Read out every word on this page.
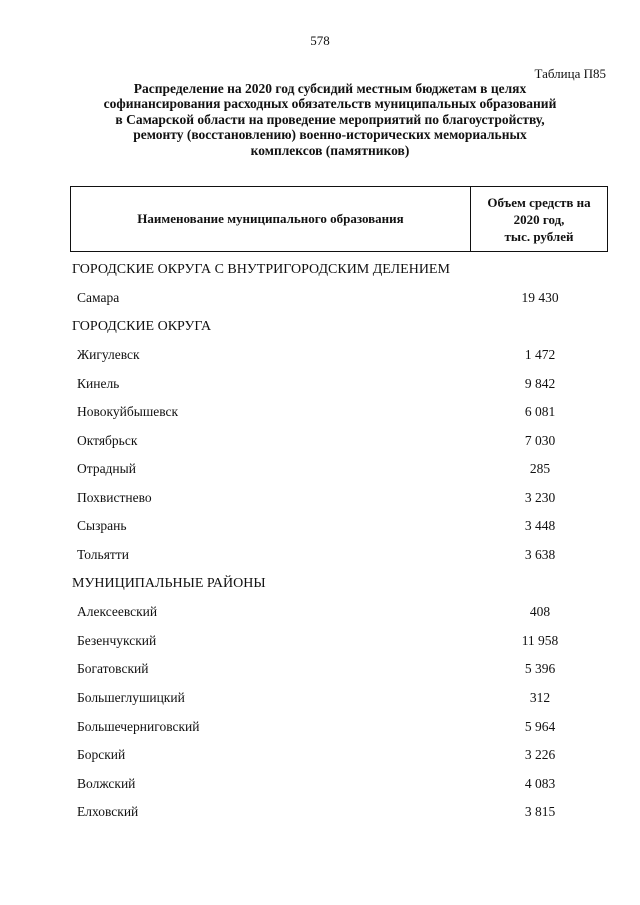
578
Таблица П85
Распределение на 2020 год субсидий местным бюджетам в целях
софинансирования расходных обязательств муниципальных образований
в Самарской области на проведение мероприятий по благоустройству,
ремонту (восстановлению) военно-исторических мемориальных
комплексов (памятников)
Наименование муниципального образования
Объем средств на
2020 год,
тыс. рублей
ГОРОДСКИЕ ОКРУГА С ВНУТРИГОРОДСКИМ ДЕЛЕНИЕМ
Самара	19 430
ГОРОДСКИЕ ОКРУГА
Жигулевск	1 472
Кинель	9 842
Новокуйбышевск	6 081
Октябрьск	7 030
Отрадный	285
Похвистнево	3 230
Сызрань	3 448
Тольятти	3 638
МУНИЦИПАЛЬНЫЕ РАЙОНЫ
Алексеевский	408
Безенчукский	11 958
Богатовский	5 396
Большеглушицкий	312
Большечерниговский	5 964
Борский	3 226
Волжский	4 083
Елховский	3 815
